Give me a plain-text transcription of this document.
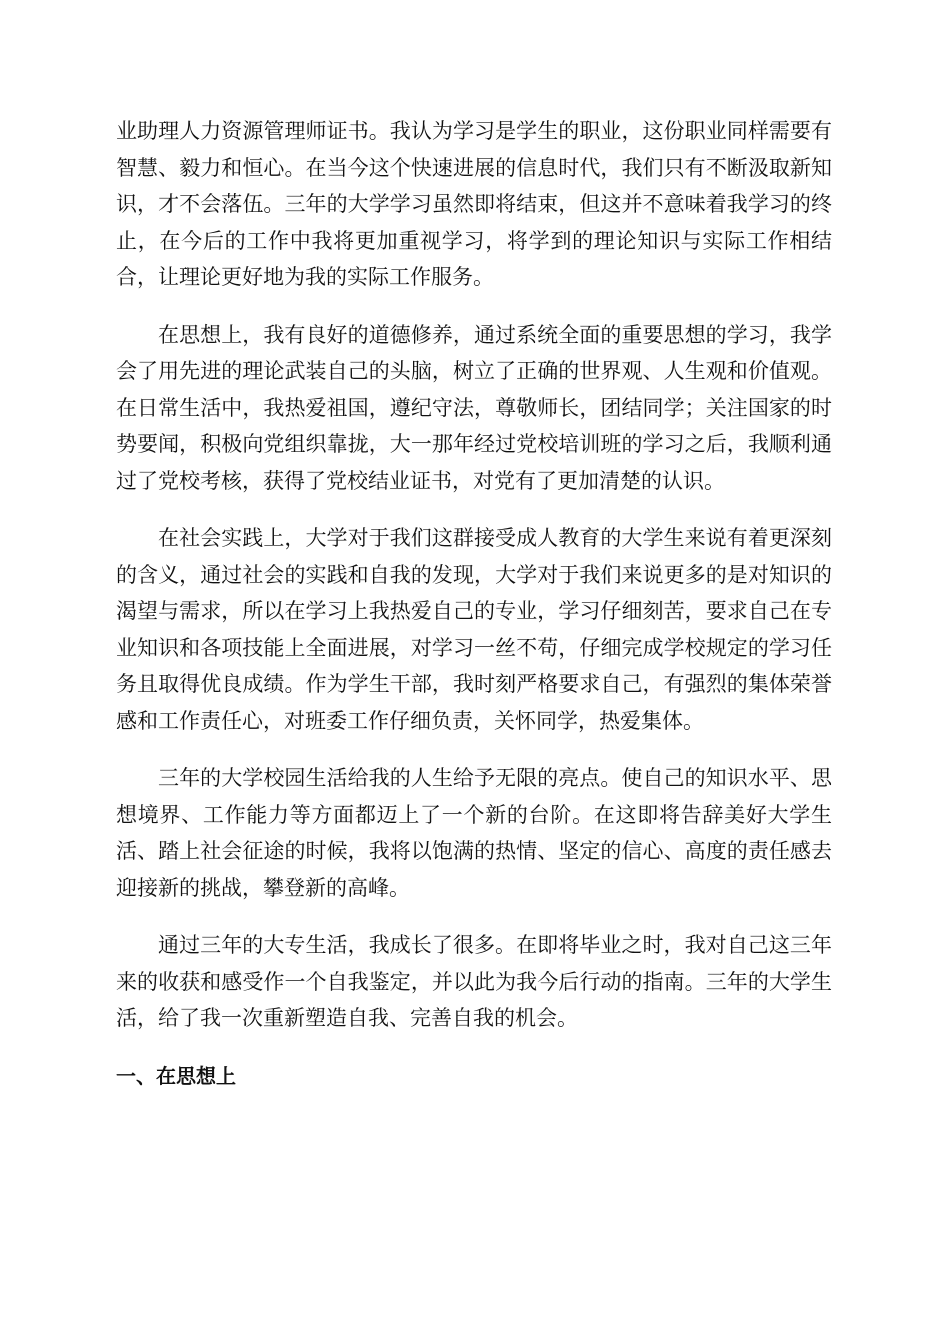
业助理人力资源管理师证书。我认为学习是学生的职业，这份职业同样需要有智慧、毅力和恒心。在当今这个快速进展的信息时代，我们只有不断汲取新知识，才不会落伍。三年的大学学习虽然即将结束，但这并不意味着我学习的终止，在今后的工作中我将更加重视学习，将学到的理论知识与实际工作相结合，让理论更好地为我的实际工作服务。

在思想上，我有良好的道德修养，通过系统全面的重要思想的学习，我学会了用先进的理论武装自己的头脑，树立了正确的世界观、人生观和价值观。在日常生活中，我热爱祖国，遵纪守法，尊敬师长，团结同学；关注国家的时势要闻，积极向党组织靠拢，大一那年经过党校培训班的学习之后，我顺利通过了党校考核，获得了党校结业证书，对党有了更加清楚的认识。

在社会实践上，大学对于我们这群接受成人教育的大学生来说有着更深刻的含义，通过社会的实践和自我的发现，大学对于我们来说更多的是对知识的渴望与需求，所以在学习上我热爱自己的专业，学习仔细刻苦，要求自己在专业知识和各项技能上全面进展，对学习一丝不苟，仔细完成学校规定的学习任务且取得优良成绩。作为学生干部，我时刻严格要求自己，有强烈的集体荣誉感和工作责任心，对班委工作仔细负责，关怀同学，热爱集体。

三年的大学校园生活给我的人生给予无限的亮点。使自己的知识水平、思想境界、工作能力等方面都迈上了一个新的台阶。在这即将告辞美好大学生活、踏上社会征途的时候，我将以饱满的热情、坚定的信心、高度的责任感去迎接新的挑战，攀登新的高峰。

通过三年的大专生活，我成长了很多。在即将毕业之时，我对自己这三年来的收获和感受作一个自我鉴定，并以此为我今后行动的指南。三年的大学生活，给了我一次重新塑造自我、完善自我的机会。

一、在思想上
